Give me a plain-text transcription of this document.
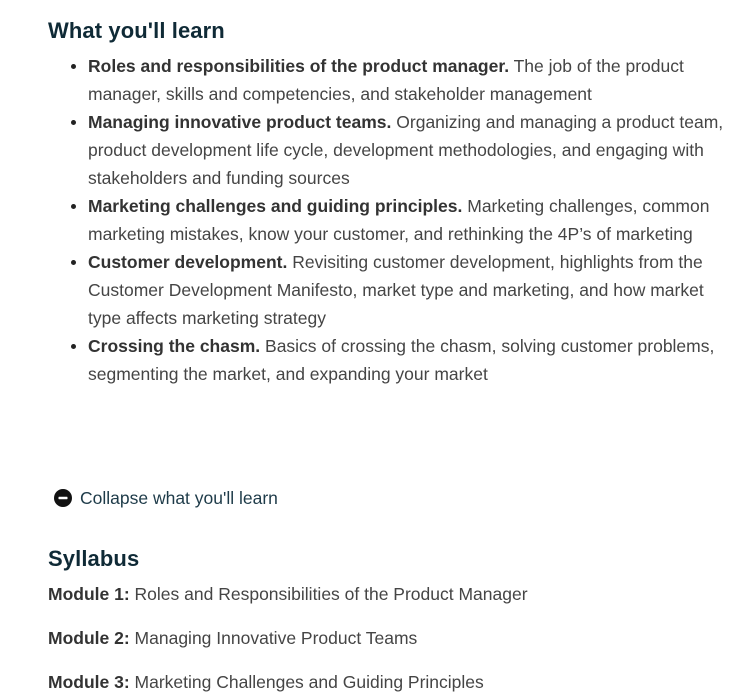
What you'll learn
Roles and responsibilities of the product manager. The job of the product manager, skills and competencies, and stakeholder management
Managing innovative product teams. Organizing and managing a product team, product development life cycle, development methodologies, and engaging with stakeholders and funding sources
Marketing challenges and guiding principles. Marketing challenges, common marketing mistakes, know your customer, and rethinking the 4P’s of marketing
Customer development. Revisiting customer development, highlights from the Customer Development Manifesto, market type and marketing, and how market type affects marketing strategy
Crossing the chasm. Basics of crossing the chasm, solving customer problems, segmenting the market, and expanding your market
Collapse what you'll learn
Syllabus
Module 1: Roles and Responsibilities of the Product Manager
Module 2: Managing Innovative Product Teams
Module 3: Marketing Challenges and Guiding Principles
